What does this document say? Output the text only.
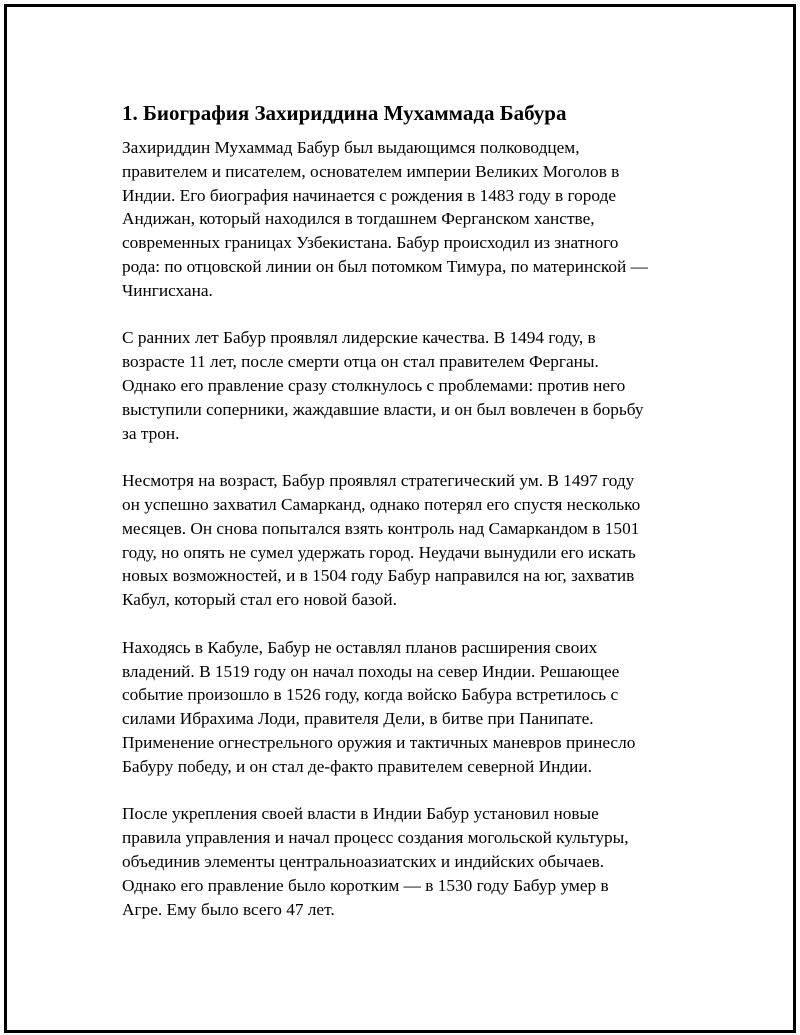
1. Биография Захириддина Мухаммада Бабура
Захириддин Мухаммад Бабур был выдающимся полководцем,
правителем и писателем, основателем империи Великих Моголов в
Индии. Его биография начинается с рождения в 1483 году в городе
Андижан, который находился в тогдашнем Ферганском ханстве,
современных границах Узбекистана. Бабур происходил из знатного
рода: по отцовской линии он был потомком Тимура, по материнской —
Чингисхана.
С ранних лет Бабур проявлял лидерские качества. В 1494 году, в
возрасте 11 лет, после смерти отца он стал правителем Ферганы.
Однако его правление сразу столкнулось с проблемами: против него
выступили соперники, жаждавшие власти, и он был вовлечен в борьбу
за трон.
Несмотря на возраст, Бабур проявлял стратегический ум. В 1497 году
он успешно захватил Самарканд, однако потерял его спустя несколько
месяцев. Он снова попытался взять контроль над Самаркандом в 1501
году, но опять не сумел удержать город. Неудачи вынудили его искать
новых возможностей, и в 1504 году Бабур направился на юг, захватив
Кабул, который стал его новой базой.
Находясь в Кабуле, Бабур не оставлял планов расширения своих
владений. В 1519 году он начал походы на север Индии. Решающее
событие произошло в 1526 году, когда войско Бабура встретилось с
силами Ибрахима Лоди, правителя Дели, в битве при Панипате.
Применение огнестрельного оружия и тактичных маневров принесло
Бабуру победу, и он стал де-факто правителем северной Индии.
После укрепления своей власти в Индии Бабур установил новые
правила управления и начал процесс создания могольской культуры,
объединив элементы центральноазиатских и индийских обычаев.
Однако его правление было коротким — в 1530 году Бабур умер в
Агре. Ему было всего 47 лет.
